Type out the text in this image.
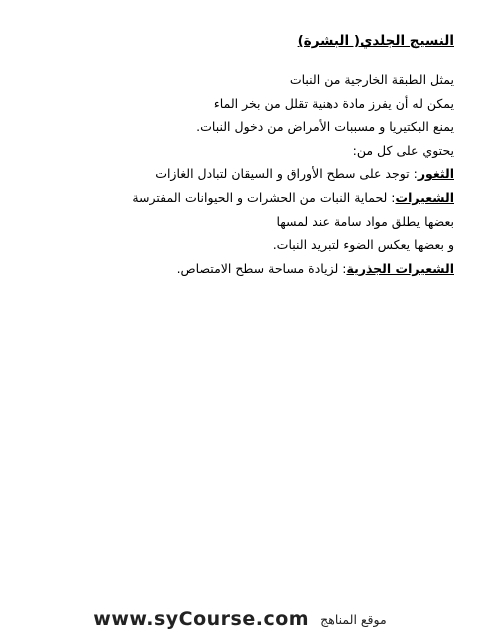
النسيج الجلدي( البشرة)
يمثل الطبقة الخارجية من النبات
يمكن له أن يفرز مادة دهنية تقلل من بخر الماء
يمنع البكتيريا و مسببات الأمراض من دخول النبات.
يحتوي على كل من:
الثغور: توجد على سطح الأوراق و السيقان لتبادل الغازات
الشعيرات: لحماية النبات من الحشرات و الحيوانات المفترسة
بعضها يطلق مواد سامة عند لمسها
و بعضها يعكس الضوء لتبريد النبات.
الشعيرات الجذرية: لزيادة مساحة سطح الامتصاص.
www.syCourse.com موقع المناهج
